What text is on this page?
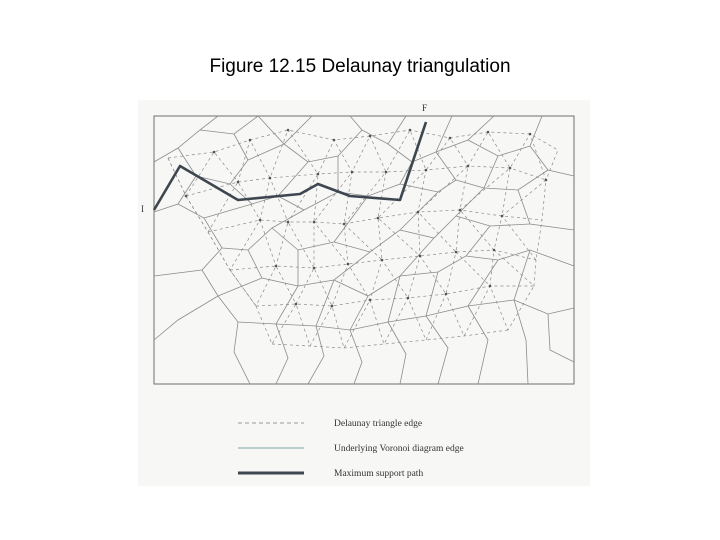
Figure 12.15 Delaunay triangulation
I
F
Delaunay triangle edge
Underlying Voronoi diagram edge
Maximum support path
